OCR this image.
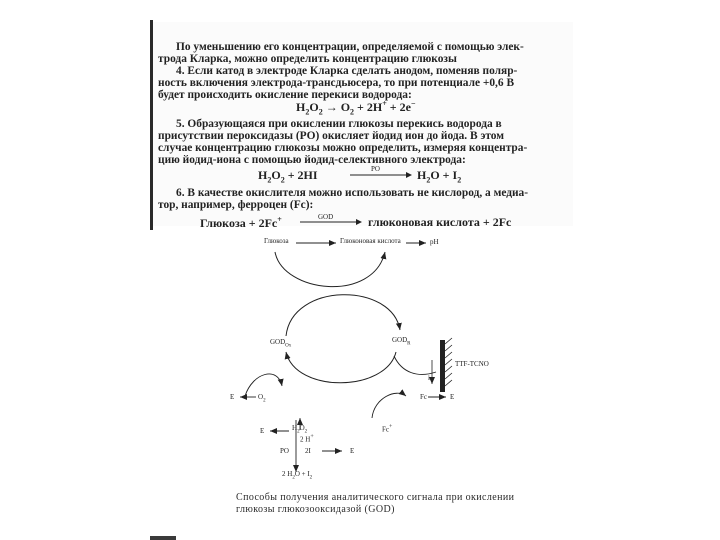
По уменьшению его концентрации, определяемой с помощью элек-
трода Кларка, можно определить концентрацию глюкозы
4. Если катод в электроде Кларка сделать анодом, поменяв поляр-
ность включения электрода-трансдьюсера, то при потенциале +0,6 В
будет происходить окисление перекиси водорода:
$H_2O_2 \to O_2 + 2H^+ + 2e^-$
5. Образующаяся при окислении глюкозы перекись водорода в
присутствии пероксидазы (PO) окисляет йодид ион до йода. В этом
случае концентрацию глюкозы можно определить, измеряя концентра-
цию йодид-иона с помощью йодид-селективного электрода:
$H_2O_2 + 2HI$	PO	$H_2O + I_2$
6. В качестве окислителя можно использовать не кислород, а медиа-
тор, например, ферроцен (Fc):
Глюкоза + 2Fc+	GOD	глюконовая кислота + 2Fc
Глюкоза	Глюконовая кислота	pH
$GOD_{Ox}$
$GOD_R$
TTF-TCNO
i
E	$O_2$	Fc	E
Fc+
E	$H_2O_2$
2 H+
PO 2I	E
2 $H_2O + I_2$
Способы получения аналитического сигнала при окислении
глюкозы глюкозооксидазой (GOD)
